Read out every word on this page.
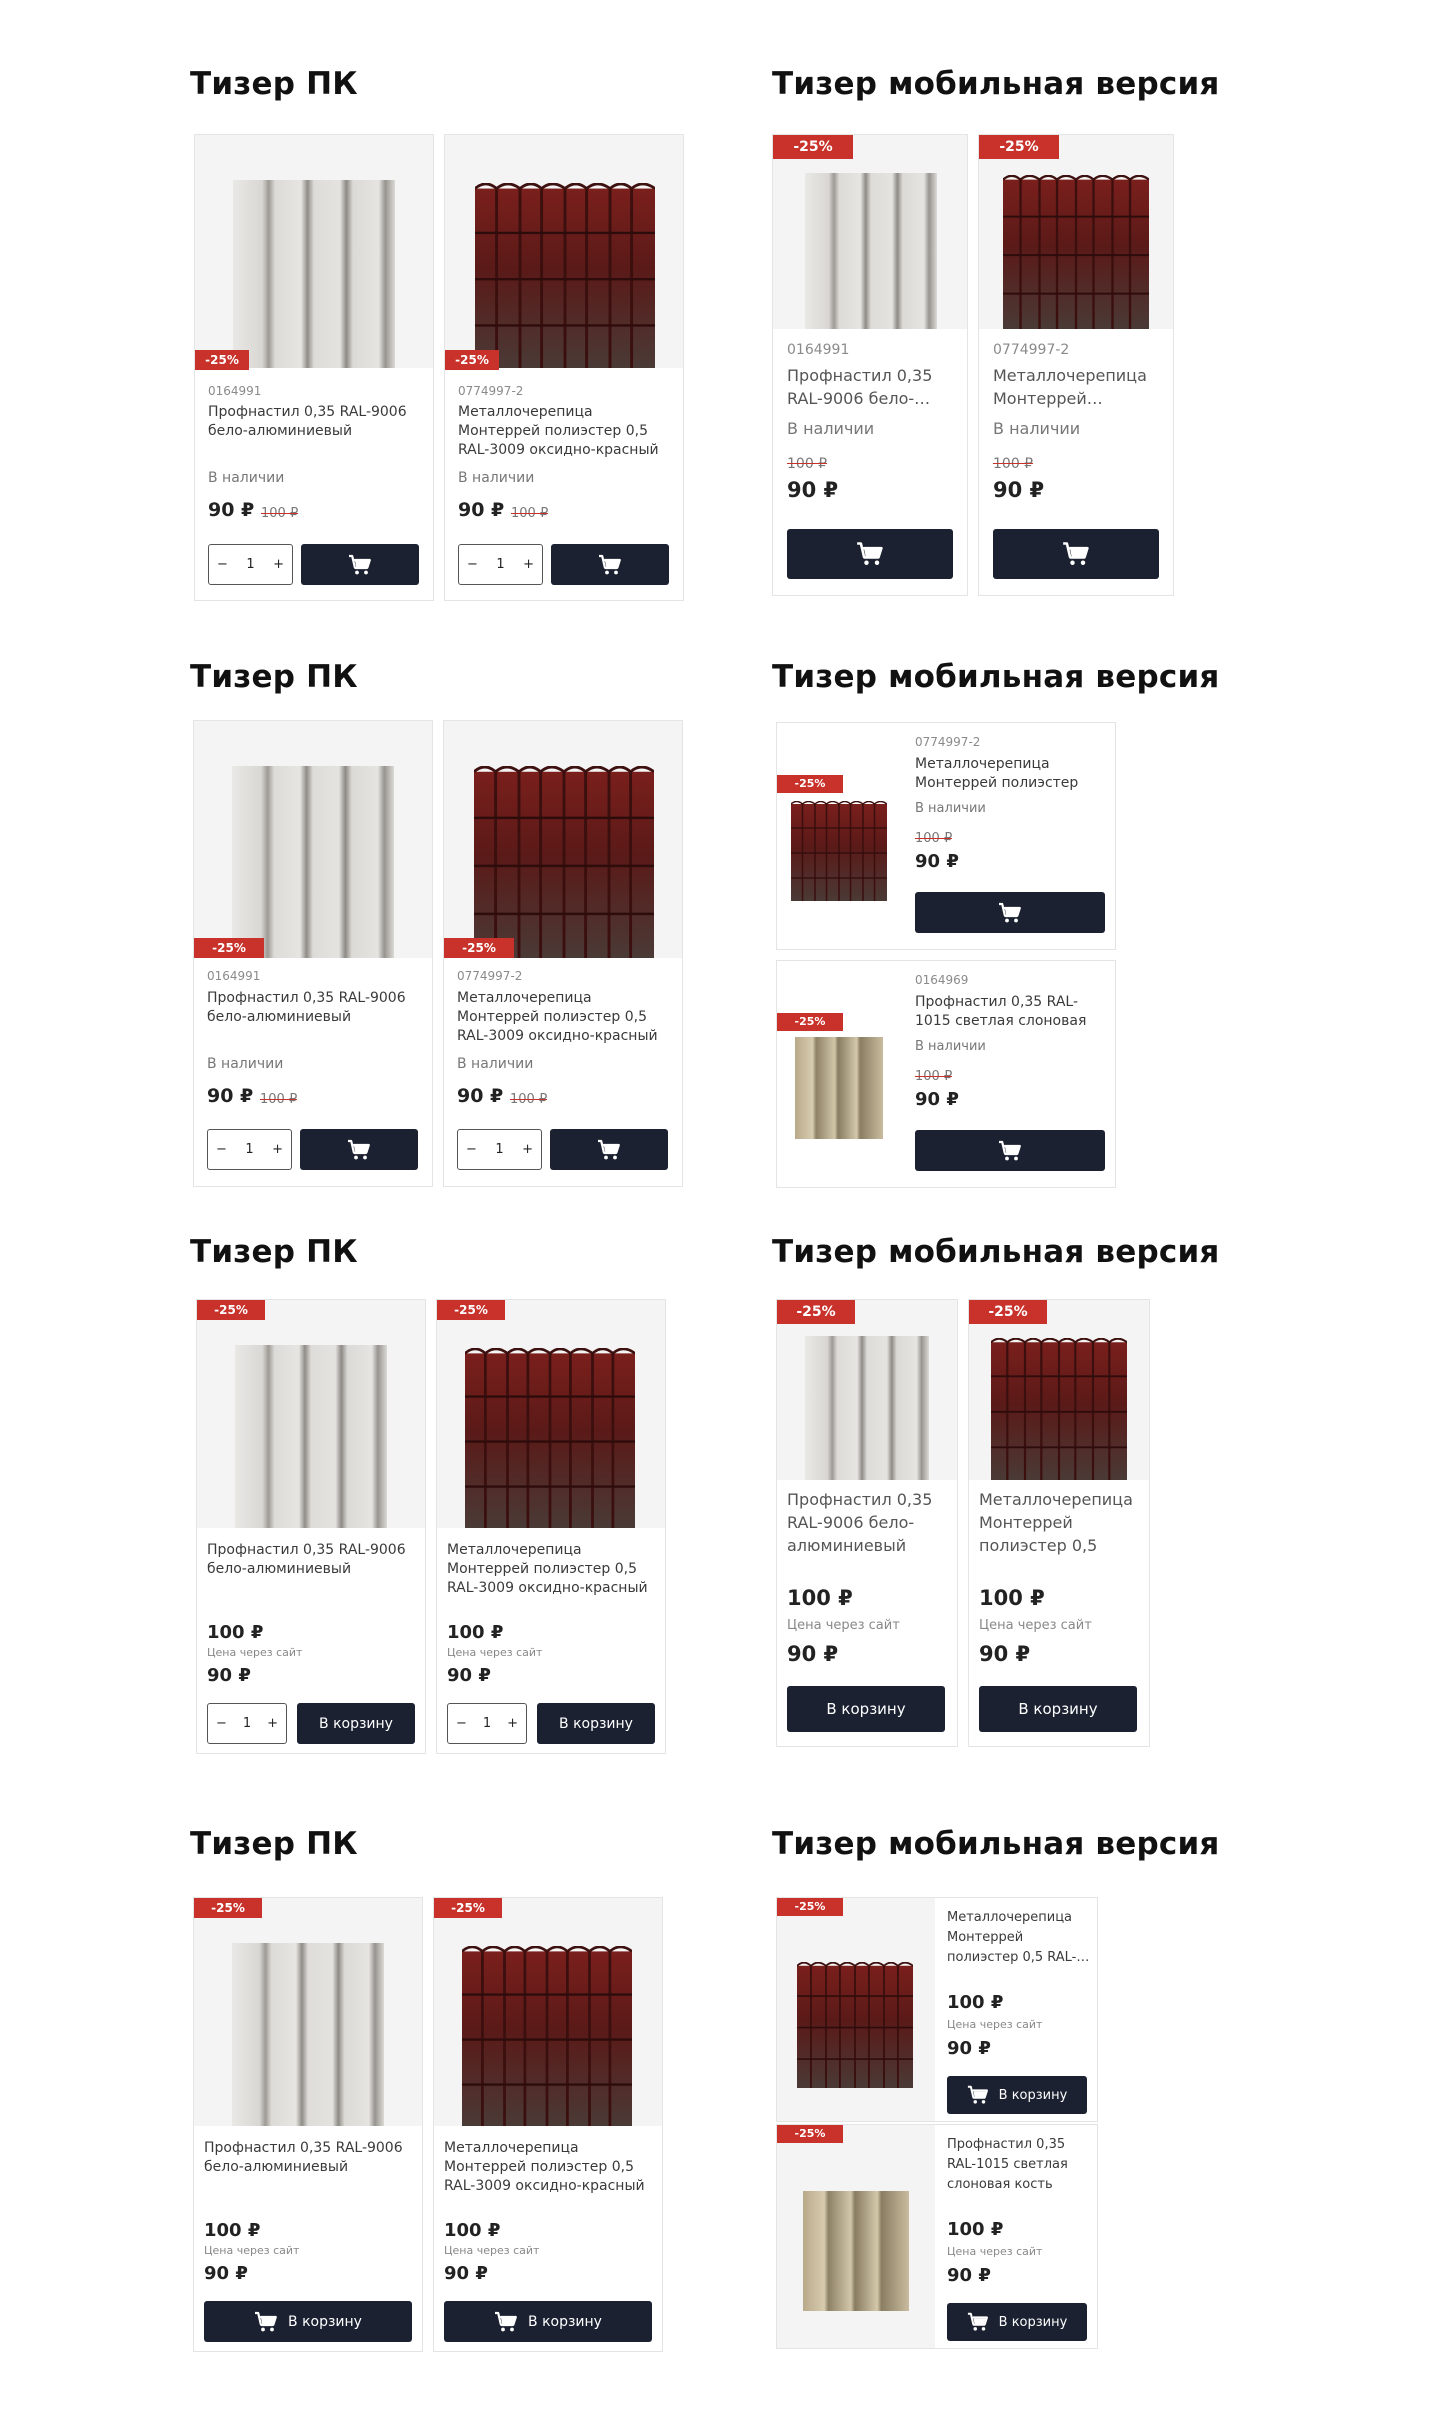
Тизер ПК	Тизер мобильная версия
-25%
0164991
Профнастил 0,35 RAL-9006 бело-алюминиевый
В наличии
90 ₽ 100 ₽
− 1 +
-25%
0774997-2
Металлочерепица Монтеррей полиэстер 0,5 RAL-3009 оксидно-красный
В наличии
90 ₽ 100 ₽
− 1 +
-25%
0164991
Профнастил 0,35 RAL-9006 бело-…
В наличии
100 ₽
90 ₽
-25%
0774997-2
Металлочерепица Монтеррей…
В наличии
100 ₽
90 ₽
Тизер ПК	Тизер мобильная версия
-25%
0164991
Профнастил 0,35 RAL-9006 бело-алюминиевый
В наличии
90 ₽ 100 ₽
− 1 +
-25%
0774997-2
Металлочерепица Монтеррей полиэстер 0,5 RAL-3009 оксидно-красный
В наличии
90 ₽ 100 ₽
− 1 +
-25%
0774997-2
Металлочерепица Монтеррей полиэстер
В наличии
100 ₽
90 ₽
-25%
0164969
Профнастил 0,35 RAL-1015 светлая слоновая
В наличии
100 ₽
90 ₽
Тизер ПК	Тизер мобильная версия
-25%
Профнастил 0,35 RAL-9006 бело-алюминиевый
100 ₽
Цена через сайт
90 ₽
− 1 +	В корзину
-25%
Металлочерепица Монтеррей полиэстер 0,5 RAL-3009 оксидно-красный
100 ₽
Цена через сайт
90 ₽
− 1 +	В корзину
-25%
Профнастил 0,35 RAL-9006 бело-алюминиевый
100 ₽
Цена через сайт
90 ₽
В корзину
-25%
Металлочерепица Монтеррей полиэстер 0,5
100 ₽
Цена через сайт
90 ₽
В корзину
Тизер ПК	Тизер мобильная версия
-25%
Профнастил 0,35 RAL-9006 бело-алюминиевый
100 ₽
Цена через сайт
90 ₽
В корзину
-25%
Металлочерепица Монтеррей полиэстер 0,5 RAL-3009 оксидно-красный
100 ₽
Цена через сайт
90 ₽
В корзину
-25%
Металлочерепица Монтеррей полиэстер 0,5 RAL-…
100 ₽
Цена через сайт
90 ₽
В корзину
-25%
Профнастил 0,35 RAL-1015 светлая слоновая кость
100 ₽
Цена через сайт
90 ₽
В корзину
